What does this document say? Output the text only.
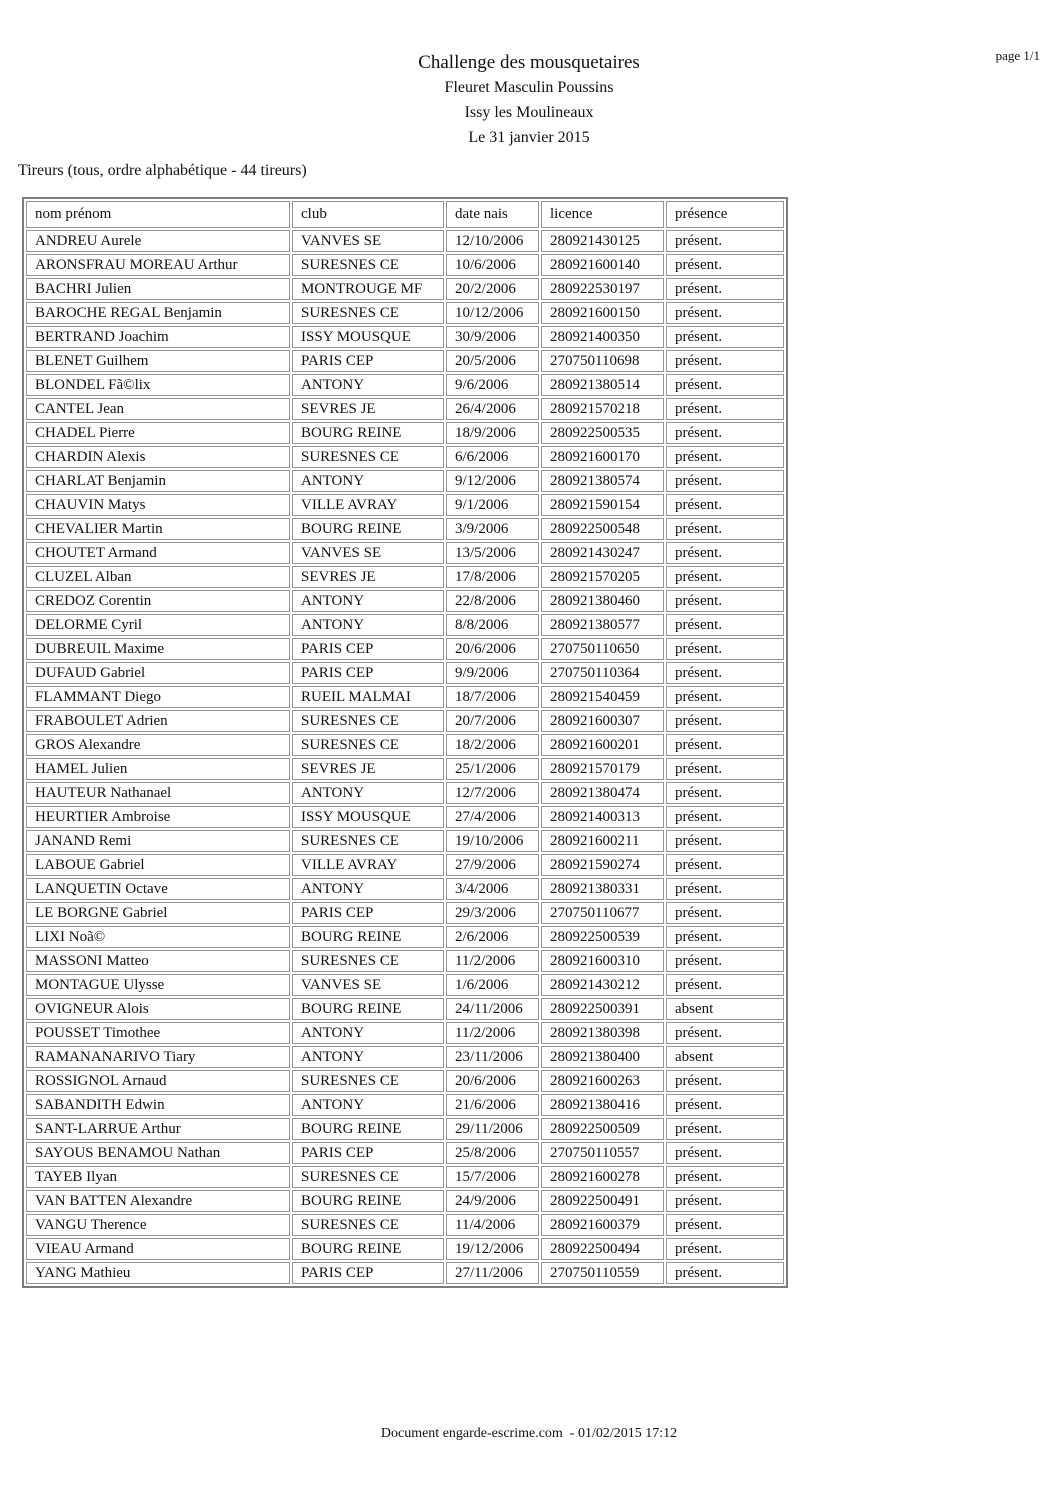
page 1/1
Challenge des mousquetaires
Fleuret Masculin Poussins
Issy les Moulineaux
Le 31 janvier 2015
Tireurs (tous, ordre alphabétique - 44 tireurs)
nom prénom	club	date nais	licence	présence
ANDREU Aurele	VANVES SE	12/10/2006	280921430125	présent.
ARONSFRAU MOREAU Arthur	SURESNES CE	10/6/2006	280921600140	présent.
BACHRI Julien	MONTROUGE MF	20/2/2006	280922530197	présent.
BAROCHE REGAL Benjamin	SURESNES CE	10/12/2006	280921600150	présent.
BERTRAND Joachim	ISSY MOUSQUE	30/9/2006	280921400350	présent.
BLENET Guilhem	PARIS CEP	20/5/2006	270750110698	présent.
BLONDEL Fã©lix	ANTONY	9/6/2006	280921380514	présent.
CANTEL Jean	SEVRES JE	26/4/2006	280921570218	présent.
CHADEL Pierre	BOURG REINE	18/9/2006	280922500535	présent.
CHARDIN Alexis	SURESNES CE	6/6/2006	280921600170	présent.
CHARLAT Benjamin	ANTONY	9/12/2006	280921380574	présent.
CHAUVIN Matys	VILLE AVRAY	9/1/2006	280921590154	présent.
CHEVALIER Martin	BOURG REINE	3/9/2006	280922500548	présent.
CHOUTET Armand	VANVES SE	13/5/2006	280921430247	présent.
CLUZEL Alban	SEVRES JE	17/8/2006	280921570205	présent.
CREDOZ Corentin	ANTONY	22/8/2006	280921380460	présent.
DELORME Cyril	ANTONY	8/8/2006	280921380577	présent.
DUBREUIL Maxime	PARIS CEP	20/6/2006	270750110650	présent.
DUFAUD Gabriel	PARIS CEP	9/9/2006	270750110364	présent.
FLAMMANT Diego	RUEIL MALMAI	18/7/2006	280921540459	présent.
FRABOULET Adrien	SURESNES CE	20/7/2006	280921600307	présent.
GROS Alexandre	SURESNES CE	18/2/2006	280921600201	présent.
HAMEL Julien	SEVRES JE	25/1/2006	280921570179	présent.
HAUTEUR Nathanael	ANTONY	12/7/2006	280921380474	présent.
HEURTIER Ambroise	ISSY MOUSQUE	27/4/2006	280921400313	présent.
JANAND Remi	SURESNES CE	19/10/2006	280921600211	présent.
LABOUE Gabriel	VILLE AVRAY	27/9/2006	280921590274	présent.
LANQUETIN Octave	ANTONY	3/4/2006	280921380331	présent.
LE BORGNE Gabriel	PARIS CEP	29/3/2006	270750110677	présent.
LIXI Noã©	BOURG REINE	2/6/2006	280922500539	présent.
MASSONI Matteo	SURESNES CE	11/2/2006	280921600310	présent.
MONTAGUE Ulysse	VANVES SE	1/6/2006	280921430212	présent.
OVIGNEUR Alois	BOURG REINE	24/11/2006	280922500391	absent
POUSSET Timothee	ANTONY	11/2/2006	280921380398	présent.
RAMANANARIVO Tiary	ANTONY	23/11/2006	280921380400	absent
ROSSIGNOL Arnaud	SURESNES CE	20/6/2006	280921600263	présent.
SABANDITH Edwin	ANTONY	21/6/2006	280921380416	présent.
SANT-LARRUE Arthur	BOURG REINE	29/11/2006	280922500509	présent.
SAYOUS BENAMOU Nathan	PARIS CEP	25/8/2006	270750110557	présent.
TAYEB Ilyan	SURESNES CE	15/7/2006	280921600278	présent.
VAN BATTEN Alexandre	BOURG REINE	24/9/2006	280922500491	présent.
VANGU Therence	SURESNES CE	11/4/2006	280921600379	présent.
VIEAU Armand	BOURG REINE	19/12/2006	280922500494	présent.
YANG Mathieu	PARIS CEP	27/11/2006	270750110559	présent.
Document engarde-escrime.com  - 01/02/2015 17:12
